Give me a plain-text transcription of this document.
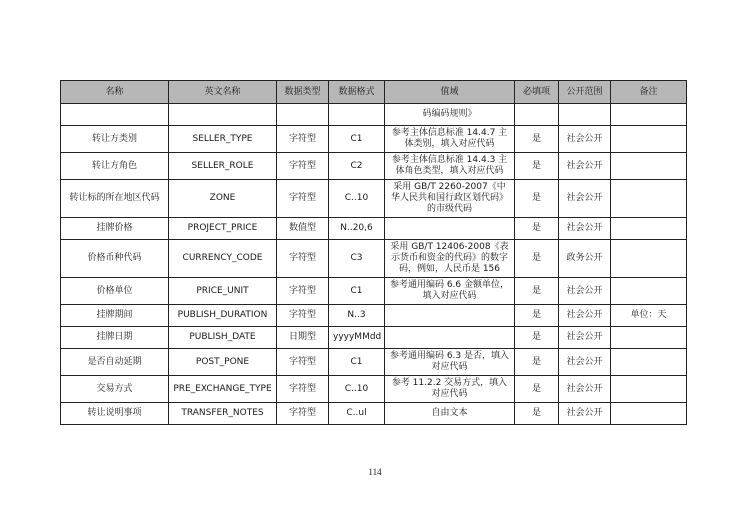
名称	英文名称	数据类型	数据格式	值域	必填项	公开范围	备注
				码编码规则》			
转让方类别	SELLER_TYPE	字符型	C1	参考主体信息标准 14.4.7 主体类别，填入对应代码	是	社会公开	
转让方角色	SELLER_ROLE	字符型	C2	参考主体信息标准 14.4.3 主体角色类型，填入对应代码	是	社会公开	
转让标的所在地区代码	ZONE	字符型	C..10	采用 GB/T 2260-2007《中华人民共和国行政区划代码》的市级代码	是	社会公开	
挂牌价格	PROJECT_PRICE	数值型	N..20,6		是	社会公开	
价格币种代码	CURRENCY_CODE	字符型	C3	采用 GB/T 12406-2008《表示货币和资金的代码》的数字码，例如，人民币是 156	是	政务公开	
价格单位	PRICE_UNIT	字符型	C1	参考通用编码 6.6 金额单位，填入对应代码	是	社会公开	
挂牌期间	PUBLISH_DURATION	字符型	N..3		是	社会公开	单位：天
挂牌日期	PUBLISH_DATE	日期型	yyyyMMdd		是	社会公开	
是否自动延期	POST_PONE	字符型	C1	参考通用编码 6.3 是否，填入对应代码	是	社会公开	
交易方式	PRE_EXCHANGE_TYPE	字符型	C..10	参考 11.2.2 交易方式，填入对应代码	是	社会公开	
转让说明事项	TRANSFER_NOTES	字符型	C..ul	自由文本	是	社会公开	
114
